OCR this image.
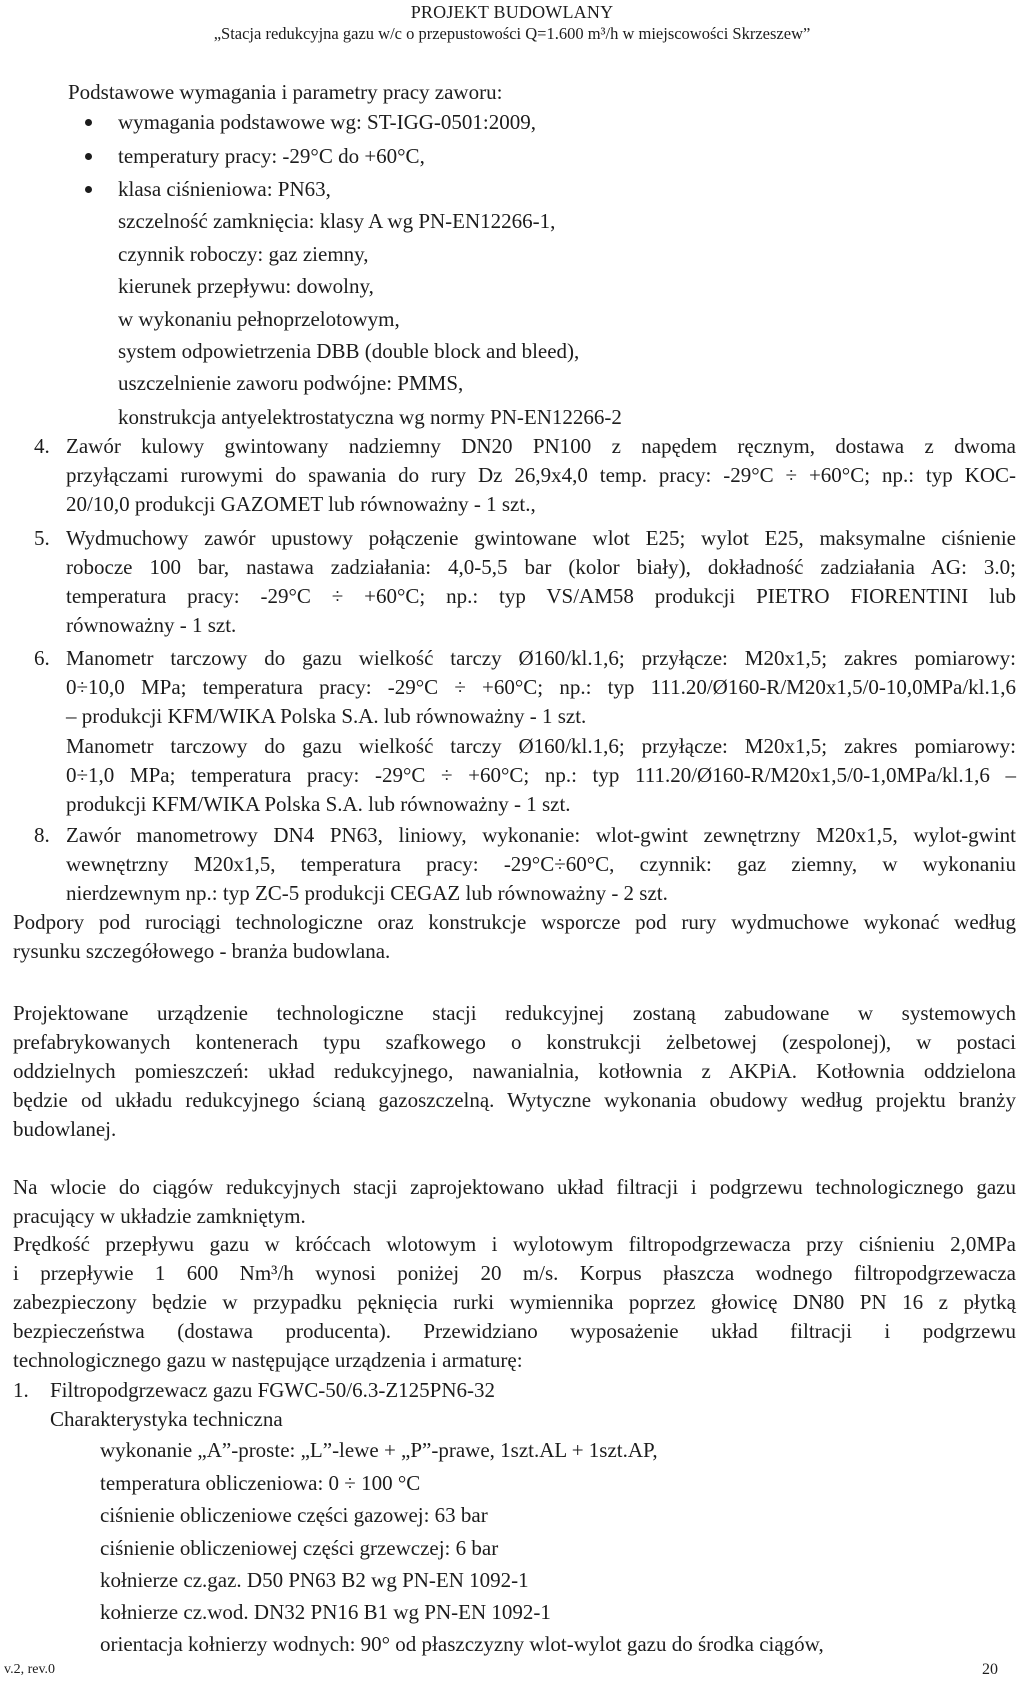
PROJEKT BUDOWLANY
„Stacja redukcyjna gazu w/c o przepustowości Q=1.600 m³/h w miejscowości Skrzeszew”
Podstawowe wymagania i parametry pracy zaworu:
wymagania podstawowe wg: ST-IGG-0501:2009,
temperatury pracy: -29°C do +60°C,
klasa ciśnieniowa: PN63,
szczelność zamknięcia: klasy A wg PN-EN12266-1,
czynnik roboczy: gaz ziemny,
kierunek przepływu: dowolny,
w wykonaniu pełnoprzelotowym,
system odpowietrzenia DBB (double block and bleed),
uszczelnienie zaworu podwójne: PMMS,
konstrukcja antyelektrostatyczna wg normy PN-EN12266-2
4. Zawór kulowy gwintowany nadziemny DN20 PN100 z napędem ręcznym, dostawa z dwoma
przyłączami rurowymi do spawania do rury Dz 26,9x4,0 temp. pracy: -29°C ÷ +60°C; np.: typ KOC-
20/10,0 produkcji GAZOMET lub równoważny - 1 szt.,
5. Wydmuchowy zawór upustowy połączenie gwintowane wlot E25; wylot E25, maksymalne ciśnienie
robocze 100 bar, nastawa zadziałania: 4,0-5,5 bar (kolor biały), dokładność zadziałania AG: 3.0;
temperatura pracy: -29°C ÷ +60°C; np.: typ VS/AM58 produkcji PIETRO FIORENTINI lub
równoważny - 1 szt.
6. Manometr tarczowy do gazu wielkość tarczy Ø160/kl.1,6; przyłącze: M20x1,5; zakres pomiarowy:
0÷10,0 MPa; temperatura pracy: -29°C ÷ +60°C; np.: typ 111.20/Ø160-R/M20x1,5/0-10,0MPa/kl.1,6
– produkcji KFM/WIKA Polska S.A. lub równoważny - 1 szt.
Manometr tarczowy do gazu wielkość tarczy Ø160/kl.1,6; przyłącze: M20x1,5; zakres pomiarowy:
0÷1,0 MPa; temperatura pracy: -29°C ÷ +60°C; np.: typ 111.20/Ø160-R/M20x1,5/0-1,0MPa/kl.1,6 –
produkcji KFM/WIKA Polska S.A. lub równoważny - 1 szt.
8. Zawór manometrowy DN4 PN63, liniowy, wykonanie: wlot-gwint zewnętrzny M20x1,5, wylot-gwint
wewnętrzny M20x1,5, temperatura pracy: -29°C÷60°C, czynnik: gaz ziemny, w wykonaniu
nierdzewnym np.: typ ZC-5 produkcji CEGAZ lub równoważny - 2 szt.
Podpory pod rurociągi technologiczne oraz konstrukcje wsporcze pod rury wydmuchowe wykonać według
rysunku szczegółowego - branża budowlana.
Projektowane urządzenie technologiczne stacji redukcyjnej zostaną zabudowane w systemowych
prefabrykowanych kontenerach typu szafkowego o konstrukcji żelbetowej (zespolonej), w postaci
oddzielnych pomieszczeń: układ redukcyjnego, nawanialnia, kotłownia z AKPiA. Kotłownia oddzielona
będzie od układu redukcyjnego ścianą gazoszczelną. Wytyczne wykonania obudowy według projektu branży
budowlanej.
Na wlocie do ciągów redukcyjnych stacji zaprojektowano układ filtracji i podgrzewu technologicznego gazu
pracujący w układzie zamkniętym.
Prędkość przepływu gazu w króćcach wlotowym i wylotowym filtropodgrzewacza przy ciśnieniu 2,0MPa
i przepływie 1 600 Nm³/h wynosi poniżej 20 m/s. Korpus płaszcza wodnego filtropodgrzewacza
zabezpieczony będzie w przypadku pęknięcia rurki wymiennika poprzez głowicę DN80 PN 16 z płytką
bezpieczeństwa (dostawa producenta). Przewidziano wyposażenie układ filtracji i podgrzewu
technologicznego gazu w następujące urządzenia i armaturę:
1. Filtropodgrzewacz gazu FGWC-50/6.3-Z125PN6-32
Charakterystyka techniczna
wykonanie „A”-proste: „L”-lewe + „P”-prawe, 1szt.AL + 1szt.AP,
temperatura obliczeniowa: 0 ÷ 100 °C
ciśnienie obliczeniowe części gazowej: 63 bar
ciśnienie obliczeniowej części grzewczej: 6 bar
kołnierze cz.gaz. D50 PN63 B2 wg PN-EN 1092-1
kołnierze cz.wod. DN32 PN16 B1 wg PN-EN 1092-1
orientacja kołnierzy wodnych: 90° od płaszczyzny wlot-wylot gazu do środka ciągów,
v.2, rev.0	20
